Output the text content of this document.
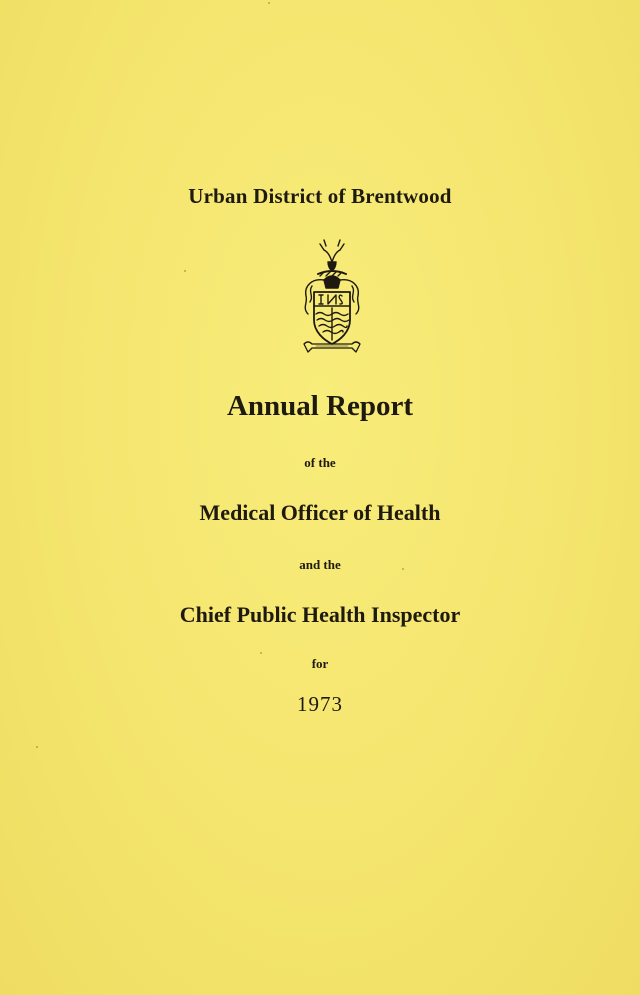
Urban District of Brentwood
Annual Report
of the
Medical Officer of Health
and the
Chief Public Health Inspector
for
1973
